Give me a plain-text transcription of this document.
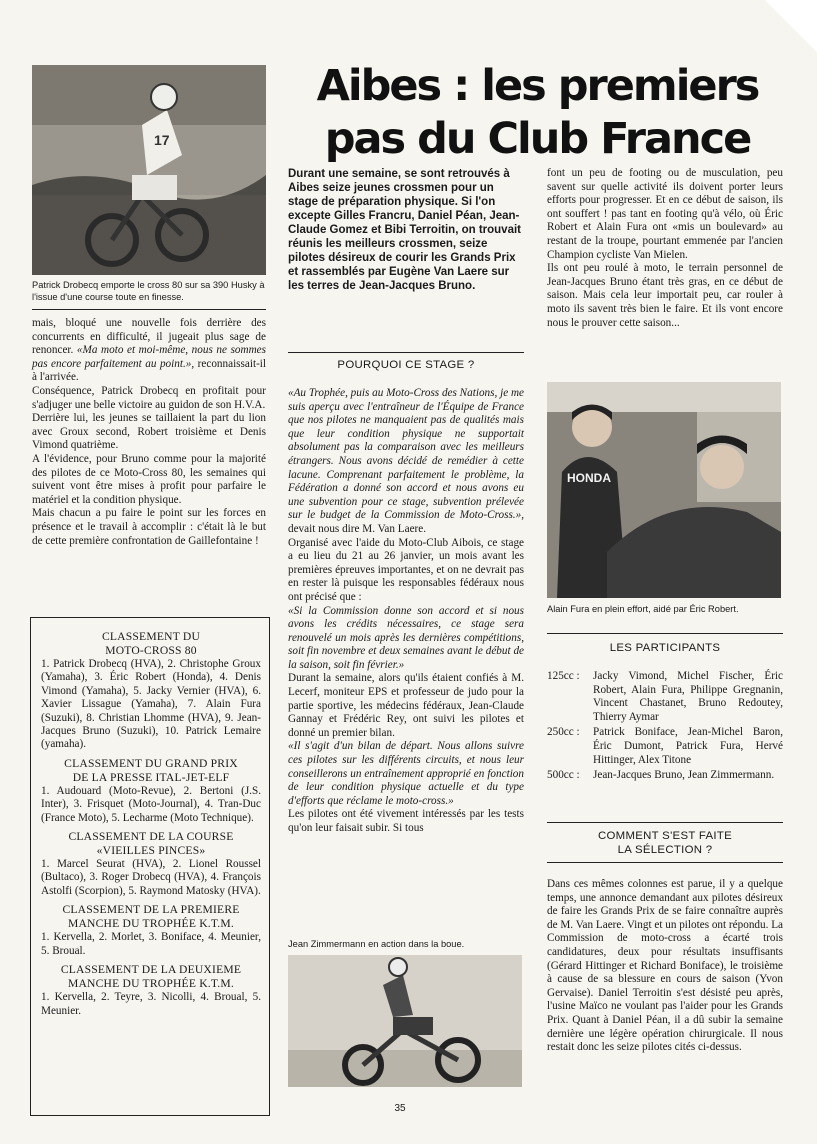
17

Patrick Drobecq emporte le cross 80 sur sa 390 Husky à l'issue d'une course toute en finesse.

mais, bloqué une nouvelle fois derrière des concurrents en difficulté, il jugeait plus sage de renoncer. «Ma moto et moi-même, nous ne sommes pas encore parfaitement au point.», reconnaissait-il à l'arrivée.

Conséquence, Patrick Drobecq en profitait pour s'adjuger une belle victoire au guidon de son H.V.A.

Derrière lui, les jeunes se taillaient la part du lion avec Groux second, Robert troisième et Denis Vimond quatrième.

A l'évidence, pour Bruno comme pour la majorité des pilotes de ce Moto-Cross 80, les semaines qui suivent vont être mises à profit pour parfaire le matériel et la condition physique.

Mais chacun a pu faire le point sur les forces en présence et le travail à accomplir : c'était là le but de cette première confrontation de Gaillefontaine !

CLASSEMENT DU

MOTO-CROSS 80

1. Patrick Drobecq (HVA), 2. Christophe Groux (Yamaha), 3. Éric Robert (Honda), 4. Denis Vimond (Yamaha), 5. Jacky Vernier (HVA), 6. Xavier Lissague (Yamaha), 7. Alain Fura (Suzuki), 8. Christian Lhomme (HVA), 9. Jean-Jacques Bruno (Suzuki), 10. Patrick Lemaire (yamaha).

CLASSEMENT DU GRAND PRIX

DE LA PRESSE ITAL-JET-ELF

1. Audouard (Moto-Revue), 2. Bertoni (J.S. Inter), 3. Frisquet (Moto-Journal), 4. Tran-Duc (France Moto), 5. Lecharme (Moto Technique).

CLASSEMENT DE LA COURSE

«VIEILLES PINCES»

1. Marcel Seurat (HVA), 2. Lionel Roussel (Bultaco), 3. Roger Drobecq (HVA), 4. François Astolfi (Scorpion), 5. Raymond Matosky (HVA).

CLASSEMENT DE LA PREMIERE

MANCHE DU TROPHÉE K.T.M.

1. Kervella, 2. Morlet, 3. Boniface, 4. Meunier, 5. Broual.

CLASSEMENT DE LA DEUXIEME

MANCHE DU TROPHÉE K.T.M.

1. Kervella, 2. Teyre, 3. Nicolli, 4. Broual, 5. Meunier.

Aibes : les premiers pas du Club France

Durant une semaine, se sont retrouvés à Aibes seize jeunes crossmen pour un stage de préparation physique. Si l'on excepte Gilles Francru, Daniel Péan, Jean-Claude Gomez et Bibi Terroitin, on trouvait réunis les meilleurs crossmen, seize pilotes désireux de courir les Grands Prix et rassemblés par Eugène Van Laere sur les terres de Jean-Jacques Bruno.

POURQUOI CE STAGE ?

«Au Trophée, puis au Moto-Cross des Nations, je me suis aperçu avec l'entraîneur de l'Équipe de France que nos pilotes ne manquaient pas de qualités mais que leur condition physique ne supportait absolument pas la comparaison avec les meilleurs étrangers. Nous avons décidé de remédier à cette lacune. Comprenant parfaitement le problème, la Fédération a donné son accord et nous avons eu une subvention pour ce stage, subvention prélevée sur le budget de la Commission de Moto-Cross.», devait nous dire M. Van Laere.

Organisé avec l'aide du Moto-Club Aibois, ce stage a eu lieu du 21 au 26 janvier, un mois avant les premières épreuves importantes, et on ne devrait pas en rester là puisque les responsables fédéraux nous ont précisé que :

«Si la Commission donne son accord et si nous avons les crédits nécessaires, ce stage sera renouvelé un mois après les dernières compétitions, soit fin novembre et deux semaines avant le début de la saison, soit fin février.»

Durant la semaine, alors qu'ils étaient confiés à M. Lecerf, moniteur EPS et professeur de judo pour la partie sportive, les médecins fédéraux, Jean-Claude Gannay et Frédéric Rey, ont suivi les pilotes et donné un premier bilan.

«Il s'agit d'un bilan de départ. Nous allons suivre ces pilotes sur les différents circuits, et nous leur conseillerons un entraînement approprié en fonction de leur condition physique actuelle et du type d'efforts que réclame le moto-cross.»

Les pilotes ont été vivement intéressés par les tests qu'on leur faisait subir. Si tous

Jean Zimmermann en action dans la boue.

font un peu de footing ou de musculation, peu savent sur quelle activité ils doivent porter leurs efforts pour progresser. Et en ce début de saison, ils ont souffert ! pas tant en footing qu'à vélo, où Éric Robert et Alain Fura ont «mis un boulevard» au restant de la troupe, pourtant emmenée par l'ancien Champion cycliste Van Mielen.

Ils ont peu roulé à moto, le terrain personnel de Jean-Jacques Bruno étant très gras, en ce début de saison. Mais cela leur importait peu, car rouler à moto ils savent très bien le faire. Et ils vont encore nous le prouver cette saison...

HONDA

Alain Fura en plein effort, aidé par Éric Robert.

LES PARTICIPANTS

125cc :	Jacky Vimond, Michel Fischer, Éric Robert, Alain Fura, Philippe Gregnanin, Vincent Chastanet, Bruno Redoutey, Thierry Aymar
250cc :	Patrick Boniface, Jean-Michel Baron, Éric Dumont, Patrick Fura, Hervé Hittinger, Alex Titone
500cc :	Jean-Jacques Bruno, Jean Zimmermann.

COMMENT S'EST FAITE

LA SÉLECTION ?

Dans ces mêmes colonnes est parue, il y a quelque temps, une annonce demandant aux pilotes désireux de faire les Grands Prix de se faire connaître auprès de M. Van Laere. Vingt et un pilotes ont répondu. La Commission de moto-cross a écarté trois candidatures, deux pour résultats insuffisants (Gérard Hittinger et Richard Boniface), le troisième à cause de sa blessure en cours de saison (Yvon Gervaise). Daniel Terroitin s'est désisté peu après, l'usine Maïco ne voulant pas l'aider pour les Grands Prix. Quant à Daniel Péan, il a dû subir la semaine dernière une légère opération chirurgicale. Il nous restait donc les seize pilotes cités ci-dessus.

35
